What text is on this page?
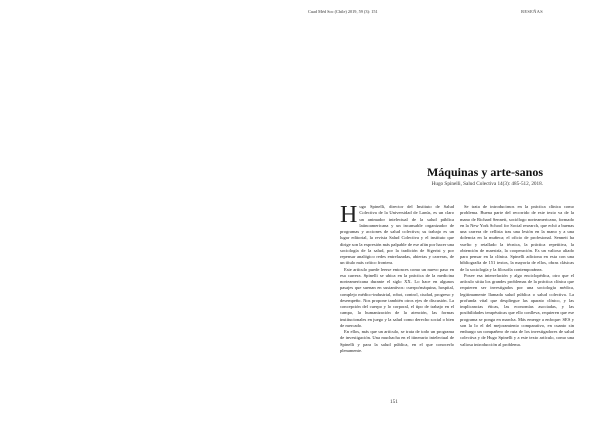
Cuad Méd Soc (Chile) 2019, 59 (3): 151	RESEÑAS
Máquinas y arte-sanos
Hugo Spinelli, Salud Colectiva 14(3): 485-512, 2018.

Hugo Spinelli, director del Instituto de Salud Colectiva de la Universidad de Lanús, es un claro un animador intelectual de la salud pública latinoamericana y un incansable organizador de programas y acciones de salud colectiva; su trabajo es un lugar editorial, la revista Salud Colectiva y el instituto que dirige son la expresión más palpable de ese afán por hacer una sociología de la salud, por la tradición de Sigerist y por repensar analógico redes entrelazadas, abiertas y carreras, de un título más crítico frontera.

Este artículo puede leerse entonces como un nuevo paso en esa carrera. Spinelli se ubica en la práctica de la medicina norteamericana durante el siglo XX. Lo hace en algunos pasajes que suenan en sustantivos: cuerpo/máquina, hospital, complejo médico-industrial, robot, control, ciudad, progreso y desempeño. Nos propone también otros ejes de discusión. La concepción del cuerpo y lo corporal, el tipo de trabajo en el campo, la humanización de la atención, las formas institucionales en juego y la salud como derecho social o bien de mercado.

En ellos, más que un artículo, se trata de todo un programa de investigación. Una muchacha en el itinerario intelectual de Spinelli y para la salud pública, en el que conocerlo plenamente.

Se trata de introducirnos en la práctica clínica como problema. Buena parte del recorrido de este texto va de la mano de Richard Sennett, sociólogo norteamericano, formado en la New York School for Social research, que echó a buenas una carrera de cellista tras una lesión en la mano y a una dolencia en la muñeca; el oficio de profesional. Sennett ha vuelto y retallado la técnica, la práctica repetitiva, la obtención de maestría, la cooperación. Es un valioso aliado para pensar en la clínica. Spinelli adiciona en esta con una bibliografía de 151 textos, la mayoría de ellos, obras clásicas de la sociología y la filosofía contemporánea.

Posee esa interrelación y algo enciclopédica, otro que el artículo sitúa los grandes problemas de la práctica clínica que requieren ser investigados por una sociología médica, legitimamente llamada salud pública o salud colectiva. La profunda vital que despliegue las aparato clínico, y las implicancias éticas, las economías asociadas, y las posibilidades terapéuticas que ello conlleva, requieren que ese programa se ponga en marcha. Más emerge a enfoque: SES y son la lo el del mejoramiento comparativo, en cuanto sin embargo un compañero de ruta de los investigadores de salud colectiva y de Hugo Spinelli y a este texto artículo, como una valiosa introducción al problema.

151
